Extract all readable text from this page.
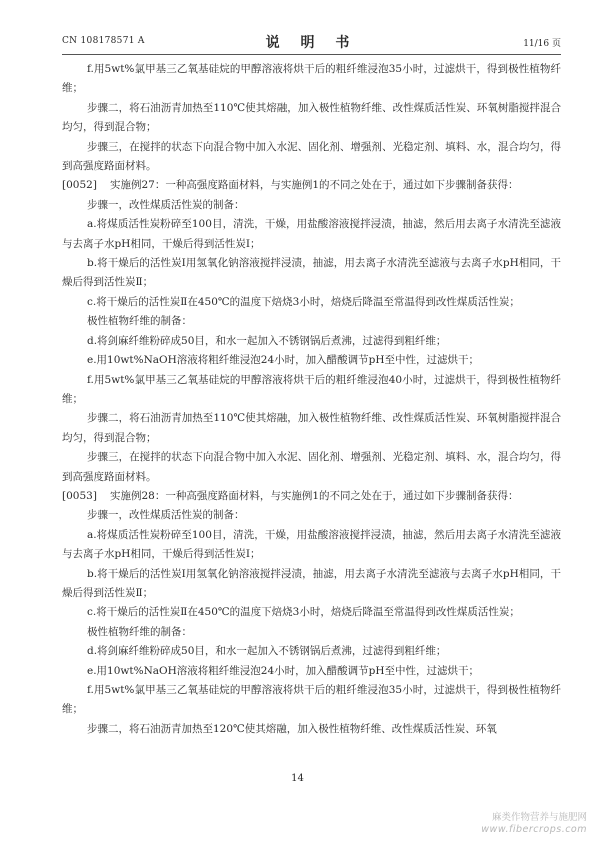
CN 108178571 A	说 明 书	11/16 页

f.用5wt%氯甲基三乙氧基硅烷的甲醇溶液将烘干后的粗纤维浸泡35小时，过滤烘干，得到极性植物纤维；

步骤二，将石油沥青加热至110℃使其熔融，加入极性植物纤维、改性煤质活性炭、环氧树脂搅拌混合均匀，得到混合物；

步骤三，在搅拌的状态下向混合物中加入水泥、固化剂、增强剂、光稳定剂、填料、水，混合均匀，得到高强度路面材料。

[0052] 实施例27：一种高强度路面材料，与实施例1的不同之处在于，通过如下步骤制备获得：

步骤一，改性煤质活性炭的制备：

a.将煤质活性炭粉碎至100目，清洗，干燥，用盐酸溶液搅拌浸渍，抽滤，然后用去离子水清洗至滤液与去离子水pH相同，干燥后得到活性炭Ⅰ；

b.将干燥后的活性炭Ⅰ用氢氧化钠溶液搅拌浸渍，抽滤，用去离子水清洗至滤液与去离子水pH相同，干燥后得到活性炭Ⅱ；

c.将干燥后的活性炭Ⅱ在450℃的温度下焙烧3小时，焙烧后降温至常温得到改性煤质活性炭；

极性植物纤维的制备：

d.将剑麻纤维粉碎成50目，和水一起加入不锈钢锅后煮沸，过滤得到粗纤维；

e.用10wt%NaOH溶液将粗纤维浸泡24小时，加入醋酸调节pH至中性，过滤烘干；

f.用5wt%氯甲基三乙氧基硅烷的甲醇溶液将烘干后的粗纤维浸泡40小时，过滤烘干，得到极性植物纤维；

步骤二，将石油沥青加热至110℃使其熔融，加入极性植物纤维、改性煤质活性炭、环氧树脂搅拌混合均匀，得到混合物；

步骤三，在搅拌的状态下向混合物中加入水泥、固化剂、增强剂、光稳定剂、填料、水，混合均匀，得到高强度路面材料。

[0053] 实施例28：一种高强度路面材料，与实施例1的不同之处在于，通过如下步骤制备获得：

步骤一，改性煤质活性炭的制备：

a.将煤质活性炭粉碎至100目，清洗，干燥，用盐酸溶液搅拌浸渍，抽滤，然后用去离子水清洗至滤液与去离子水pH相同，干燥后得到活性炭Ⅰ；

b.将干燥后的活性炭Ⅰ用氢氧化钠溶液搅拌浸渍，抽滤，用去离子水清洗至滤液与去离子水pH相同，干燥后得到活性炭Ⅱ；

c.将干燥后的活性炭Ⅱ在450℃的温度下焙烧3小时，焙烧后降温至常温得到改性煤质活性炭；

极性植物纤维的制备：

d.将剑麻纤维粉碎成50目，和水一起加入不锈钢锅后煮沸，过滤得到粗纤维；

e.用10wt%NaOH溶液将粗纤维浸泡24小时，加入醋酸调节pH至中性，过滤烘干；

f.用5wt%氯甲基三乙氧基硅烷的甲醇溶液将烘干后的粗纤维浸泡35小时，过滤烘干，得到极性植物纤维；

步骤二，将石油沥青加热至120℃使其熔融，加入极性植物纤维、改性煤质活性炭、环氧

14
麻类作物营养与施肥网
www.fibercrops.com
